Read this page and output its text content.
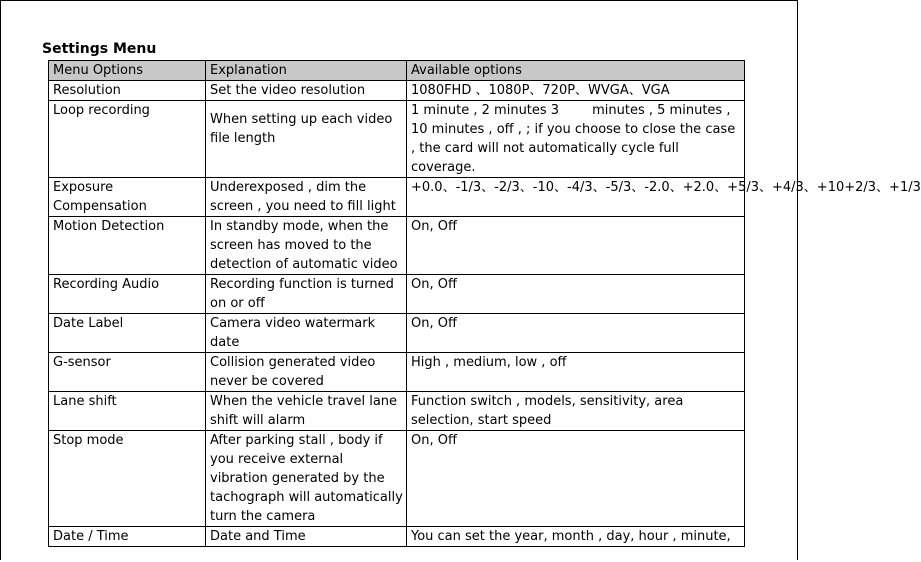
Settings Menu
Menu Options	Explanation	Available options
Resolution	Set the video resolution	1080FHD 、1080P、720P、WVGA、VGA
Loop recording	When setting up each video file length	1 minute , 2 minutes 3        minutes , 5 minutes , 10 minutes , off , ; if you choose to close the case , the card will not automatically cycle full coverage.
Exposure Compensation	Underexposed , dim the screen , you need to fill light	+0.0、-1/3、-2/3、-10、-4/3、-5/3、-2.0、+2.0、+5/3、+4/3、+10+2/3、+1/3
Motion Detection	In standby mode, when the screen has moved to the detection of automatic video	On, Off
Recording Audio	Recording function is turned on or off	On, Off
Date Label	Camera video watermark date	On, Off
G-sensor	Collision generated video never be covered	High , medium, low , off
Lane shift	When the vehicle travel lane shift will alarm	Function switch , models, sensitivity, area selection, start speed
Stop mode	After parking stall , body if you receive external vibration generated by the tachograph will automatically turn the camera	On, Off
Date / Time	Date and Time	You can set the year, month , day, hour , minute,
